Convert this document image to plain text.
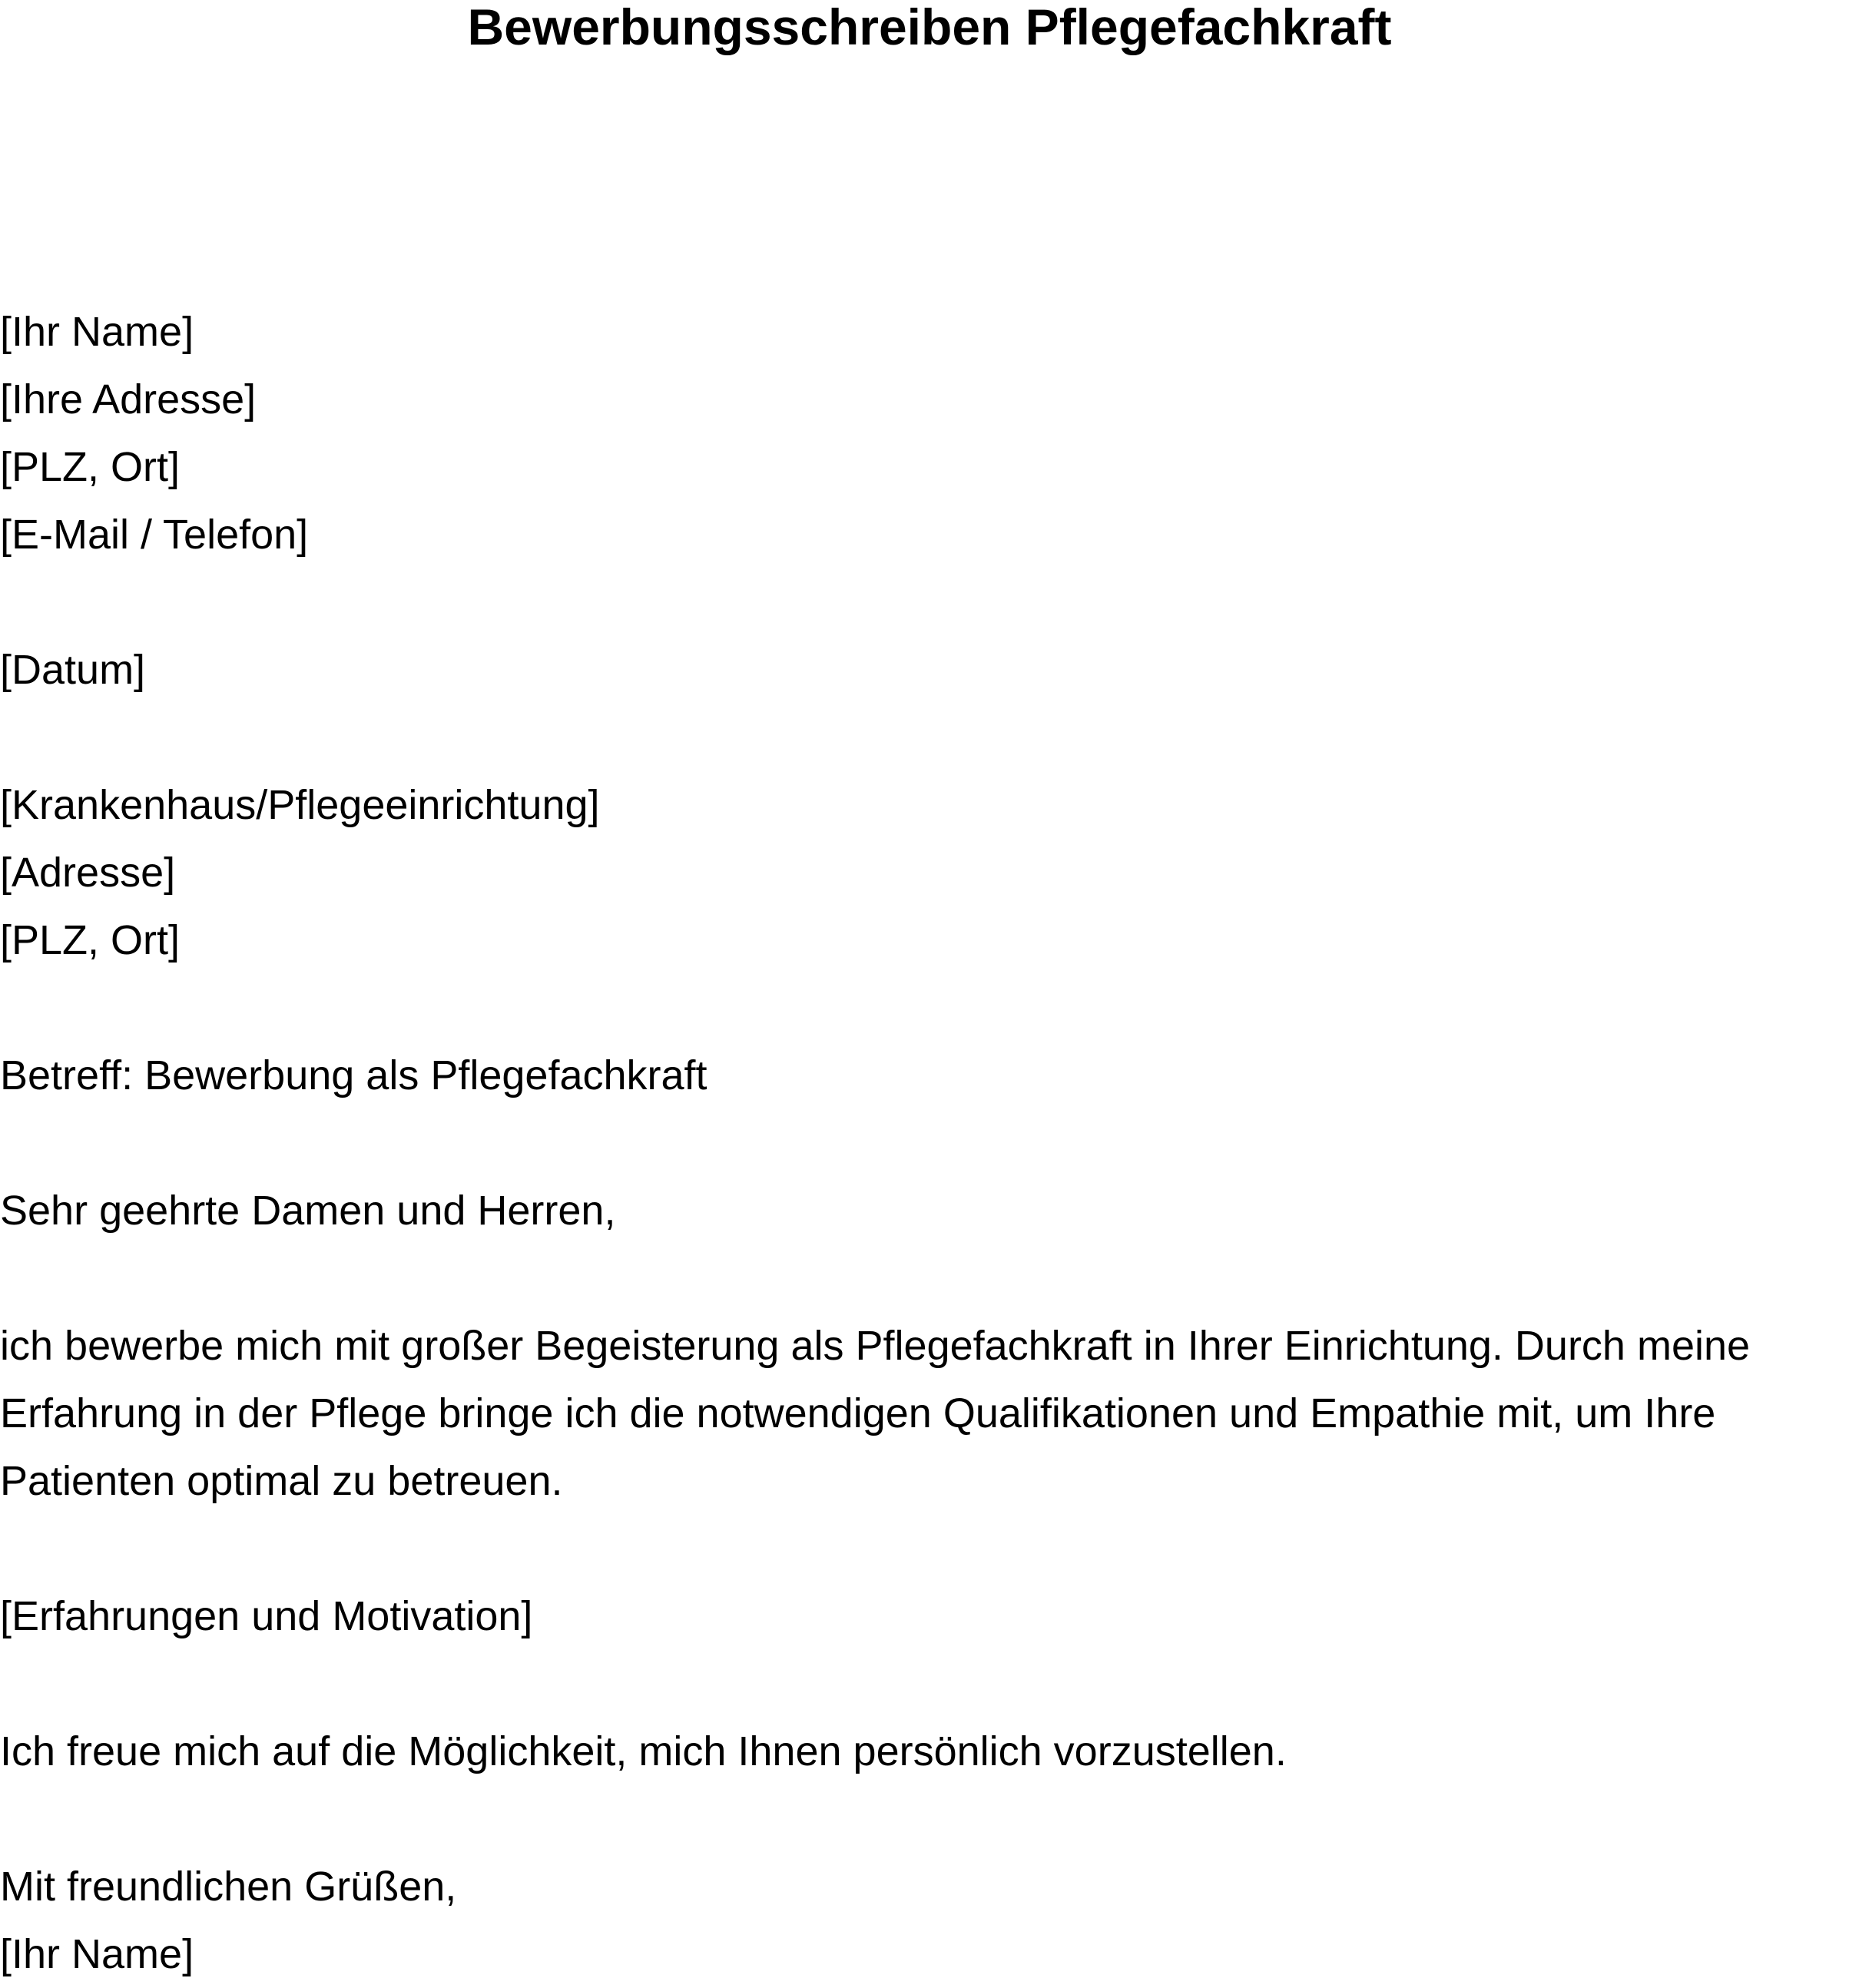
Bewerbungsschreiben Pflegefachkraft
[Ihr Name]
[Ihre Adresse]
[PLZ, Ort]
[E-Mail / Telefon]
[Datum]
[Krankenhaus/Pflegeeinrichtung]
[Adresse]
[PLZ, Ort]
Betreff: Bewerbung als Pflegefachkraft
Sehr geehrte Damen und Herren,
ich bewerbe mich mit großer Begeisterung als Pflegefachkraft in Ihrer Einrichtung. Durch meine
Erfahrung in der Pflege bringe ich die notwendigen Qualifikationen und Empathie mit, um Ihre
Patienten optimal zu betreuen.
[Erfahrungen und Motivation]
Ich freue mich auf die Möglichkeit, mich Ihnen persönlich vorzustellen.
Mit freundlichen Grüßen,
[Ihr Name]
